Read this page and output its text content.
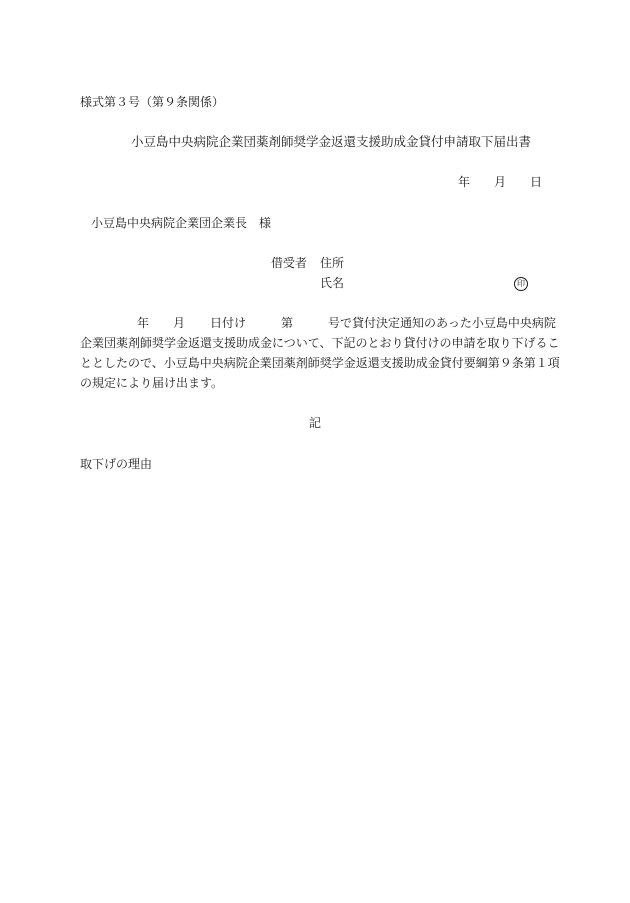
様式第３号（第９条関係）
小豆島中央病院企業団薬剤師奨学金返還支援助成金貸付申請取下届出書
年 月 日
小豆島中央病院企業団企業長　様
借受者 住所
氏名	印
年 月 日付け	第	号で貸付決定通知のあった小豆島中央病院
企業団薬剤師奨学金返還支援助成金について、下記のとおり貸付けの申請を取り下げるこ
ととしたので、小豆島中央病院企業団薬剤師奨学金返還支援助成金貸付要綱第９条第１項
の規定により届け出ます。
記
取下げの理由
